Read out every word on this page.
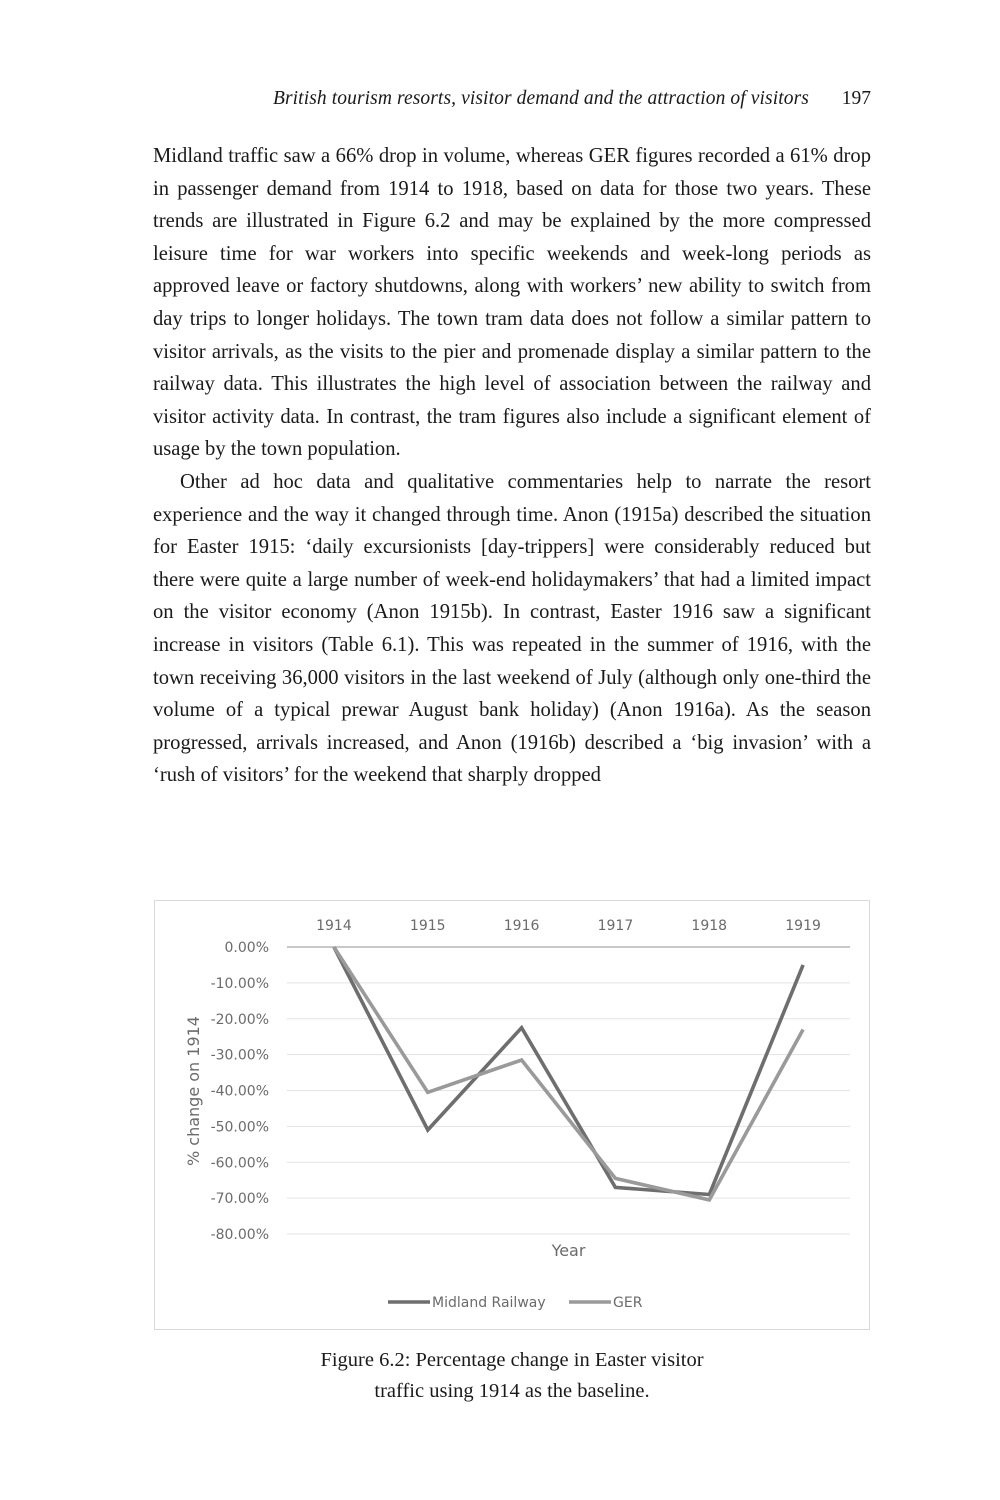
British tourism resorts, visitor demand and the attraction of visitors 197

Midland traffic saw a 66% drop in volume, whereas GER figures recorded a 61% drop in passenger demand from 1914 to 1918, based on data for those two years. These trends are illustrated in Figure 6.2 and may be explained by the more compressed leisure time for war workers into specific weekends and week-long periods as approved leave or factory shutdowns, along with workers’ new ability to switch from day trips to longer holidays. The town tram data does not follow a similar pattern to visitor arrivals, as the visits to the pier and promenade display a similar pattern to the railway data. This illustrates the high level of association between the railway and visitor activity data. In contrast, the tram figures also include a significant element of usage by the town population.

Other ad hoc data and qualitative commentaries help to narrate the resort experience and the way it changed through time. Anon (1915a) described the situation for Easter 1915: ‘daily excursionists [day-trippers] were considerably reduced but there were quite a large number of week-end holidaymakers’ that had a limited impact on the visitor economy (Anon 1915b). In contrast, Easter 1916 saw a significant increase in visitors (Table 6.1). This was repeated in the summer of 1916, with the town receiving 36,000 visitors in the last weekend of July (although only one-third the volume of a typical prewar August bank holiday) (Anon 1916a). As the season progressed, arrivals increased, and Anon (1916b) described a ‘big invasion’ with a ‘rush of visitors’ for the weekend that sharply dropped

0.00%
-10.00%
-20.00%
-30.00%
-40.00%
-50.00%
-60.00%
-70.00%
-80.00%
1914	1915	1916	1917	1918	1919
Year
% change on 1914
Midland Railway	GER
Figure 6.2: Percentage change in Easter visitor
traffic using 1914 as the baseline.
